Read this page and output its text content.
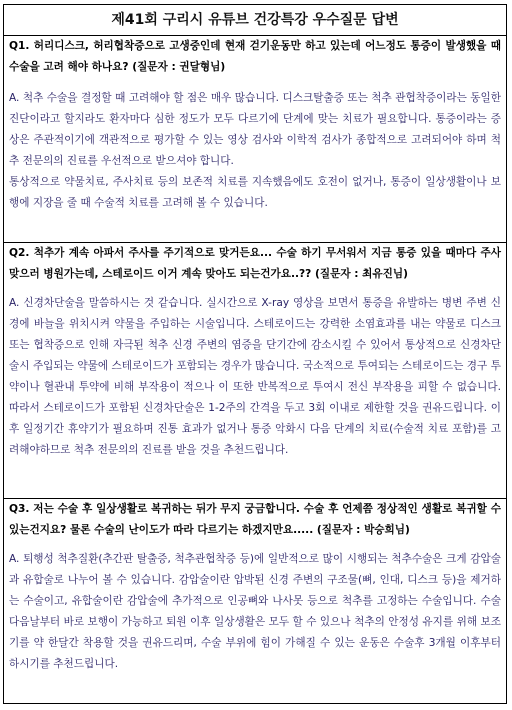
제41회 구리시 유튜브 건강특강 우수질문 답변

Q1. 허리디스크, 허리협착증으로 고생중인데 현재 걷기운동만 하고 있는데 어느정도 통증이 발생했을 때 수술을 고려 해야 하나요? (질문자 : 권달형님)

A. 척추 수술을 결정할 때 고려해야 할 점은 매우 많습니다. 디스크탈출증 또는 척추 관협착증이라는 동일한 진단이라고 할지라도 환자마다 심한 정도가 모두 다르기에 단계에 맞는 치료가 필요합니다. 통증이라는 증상은 주관적이기에 객관적으로 평가할 수 있는 영상 검사와 이학적 검사가 종합적으로 고려되어야 하며 척추 전문의의 진료를 우선적으로 받으셔야 합니다.

통상적으로 약물치료, 주사치료 등의 보존적 치료를 지속했음에도 호전이 없거나, 통증이 일상생활이나 보행에 지장을 줄 때 수술적 치료를 고려해 볼 수 있습니다.

Q2. 척추가 계속 아파서 주사를 주기적으로 맞거든요... 수술 하기 무서워서 지금 통증 있을 때마다 주사맞으러 병원가는데, 스테로이드 이거 계속 맞아도 되는건가요..?? (질문자 : 최유진님)

A. 신경차단술을 말씀하시는 것 같습니다. 실시간으로 X-ray 영상을 보면서 통증을 유발하는 병변 주변 신경에 바늘을 위치시켜 약물을 주입하는 시술입니다. 스테로이드는 강력한 소염효과를 내는 약물로 디스크 또는 협착증으로 인해 자극된 척추 신경 주변의 염증을 단기간에 감소시킬 수 있어서 통상적으로 신경차단술시 주입되는 약물에 스테로이드가 포함되는 경우가 많습니다. 국소적으로 투여되는 스테로이드는 경구 투약이나 혈관내 투약에 비해 부작용이 적으나 이 또한 반복적으로 투여시 전신 부작용을 피할 수 없습니다. 따라서 스테로이드가 포함된 신경차단술은 1-2주의 간격을 두고 3회 이내로 제한할 것을 권유드립니다. 이후 일정기간 휴약기가 필요하며 진통 효과가 없거나 통증 악화시 다음 단계의 치료(수술적 치료 포함)를 고려해야하므로 척추 전문의의 진료를 받을 것을 추천드립니다.

Q3. 저는 수술 후 일상생활로 복귀하는 뒤가 무지 궁금합니다. 수술 후 언제쯤 정상적인 생활로 복귀할 수 있는건지요? 물론 수술의 난이도가 따라 다르기는 하겠지만요..... (질문자 : 박승희님)

A. 퇴행성 척추질환(추간판 탈출증, 척추관협착증 등)에 일반적으로 많이 시행되는 척추수술은 크게 감압술과 유합술로 나누어 볼 수 있습니다. 감압술이란 압박된 신경 주변의 구조물(뼈, 인대, 디스크 등)을 제거하는 수술이고, 유합술이란 감압술에 추가적으로 인공뼈와 나사못 등으로 척추를 고정하는 수술입니다. 수술 다음날부터 바로 보행이 가능하고 퇴원 이후 일상생활은 모두 할 수 있으나 척추의 안정성 유지를 위해 보조기를 약 한달간 착용할 것을 권유드리며, 수술 부위에 힘이 가해질 수 있는 운동은 수술후 3개월 이후부터 하시기를 추천드립니다.
